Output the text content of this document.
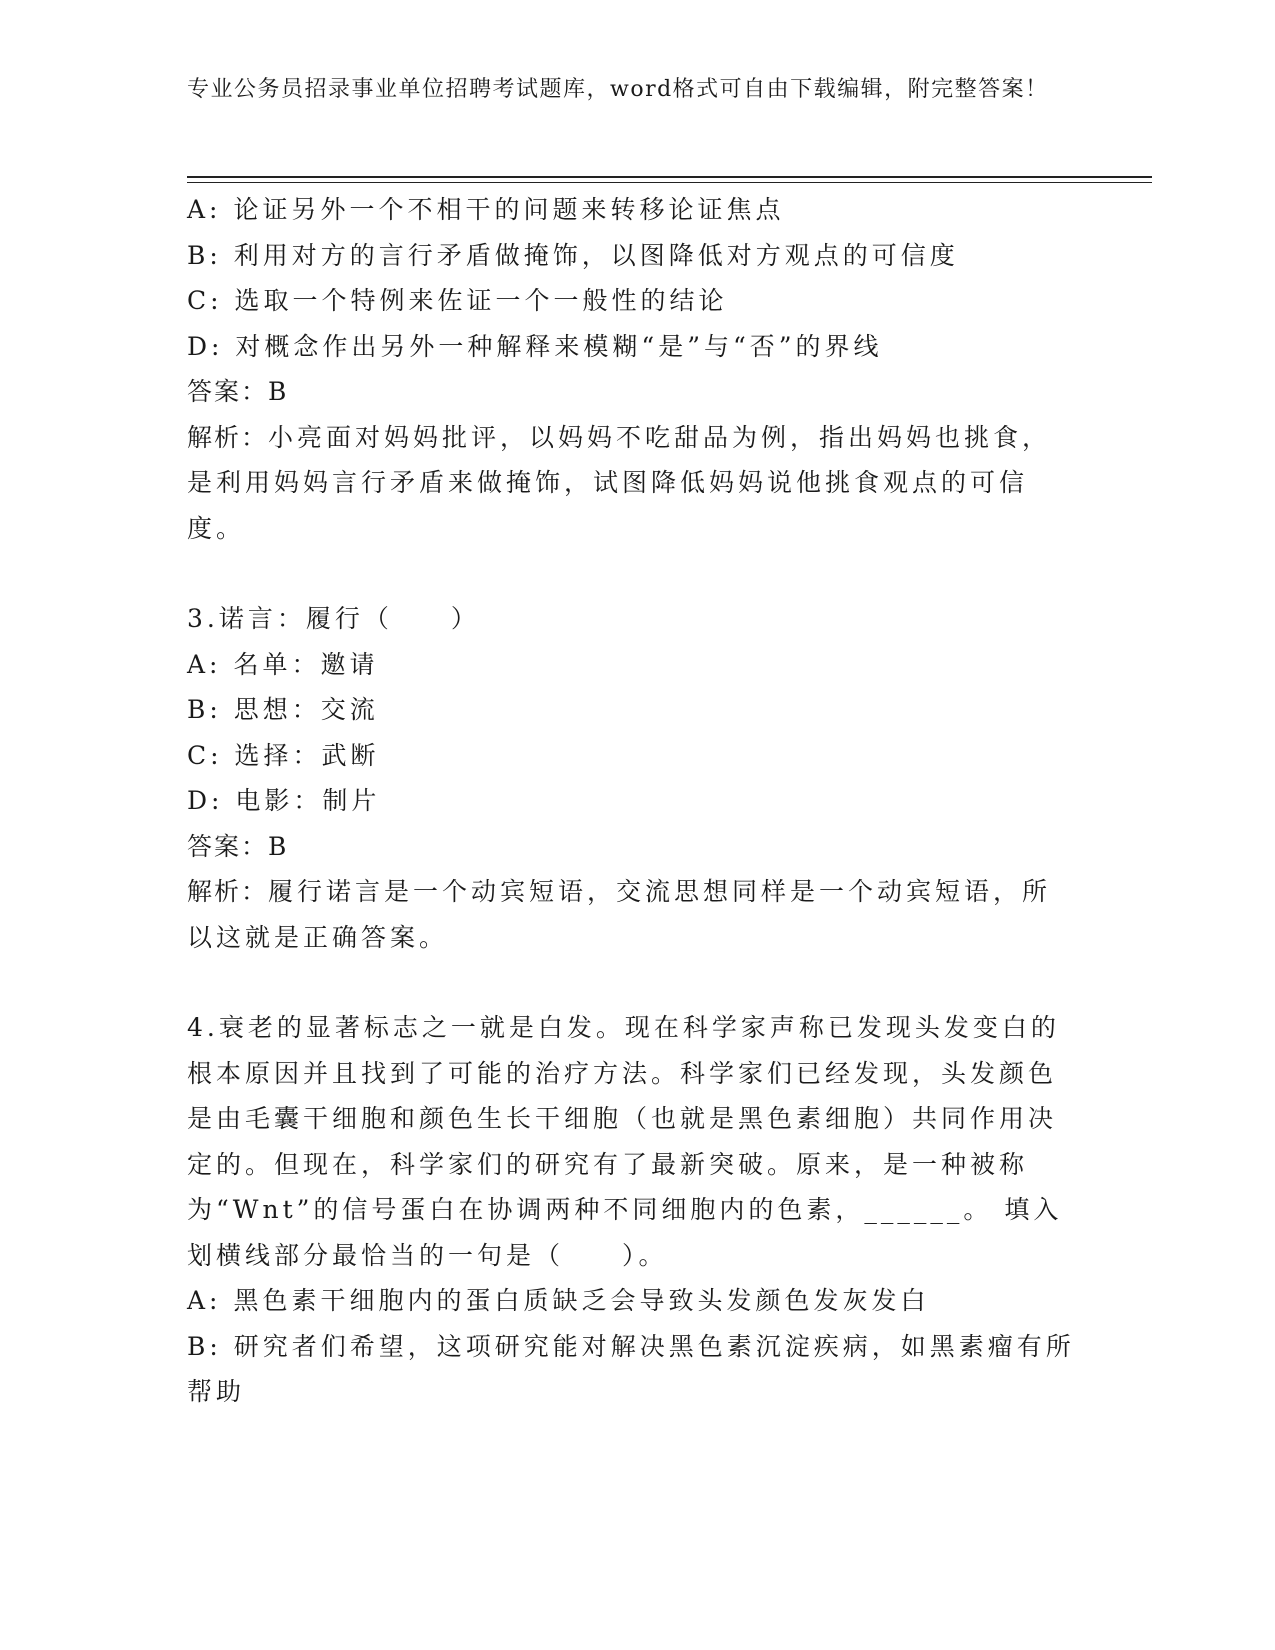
专业公务员招录事业单位招聘考试题库，word格式可自由下载编辑，附完整答案！
A: 论证另外一个不相干的问题来转移论证焦点
B: 利用对方的言行矛盾做掩饰，以图降低对方观点的可信度
C: 选取一个特例来佐证一个一般性的结论
D: 对概念作出另外一种解释来模糊“是”与“否”的界线
答案：B
解析：小亮面对妈妈批评，以妈妈不吃甜品为例，指出妈妈也挑食，是利用妈妈言行矛盾来做掩饰，试图降低妈妈说他挑食观点的可信度。
3.诺言：履行（　　）
A: 名单：邀请
B: 思想：交流
C: 选择：武断
D: 电影：制片
答案：B
解析：履行诺言是一个动宾短语，交流思想同样是一个动宾短语，所以这就是正确答案。
4.衰老的显著标志之一就是白发。现在科学家声称已发现头发变白的根本原因并且找到了可能的治疗方法。科学家们已经发现，头发颜色是由毛囊干细胞和颜色生长干细胞（也就是黑色素细胞）共同作用决定的。但现在，科学家们的研究有了最新突破。原来，是一种被称为“Wnt”的信号蛋白在协调两种不同细胞内的色素，______。 填入划横线部分最恰当的一句是（　　）。
A: 黑色素干细胞内的蛋白质缺乏会导致头发颜色发灰发白
B: 研究者们希望，这项研究能对解决黑色素沉淀疾病，如黑素瘤有所帮助
